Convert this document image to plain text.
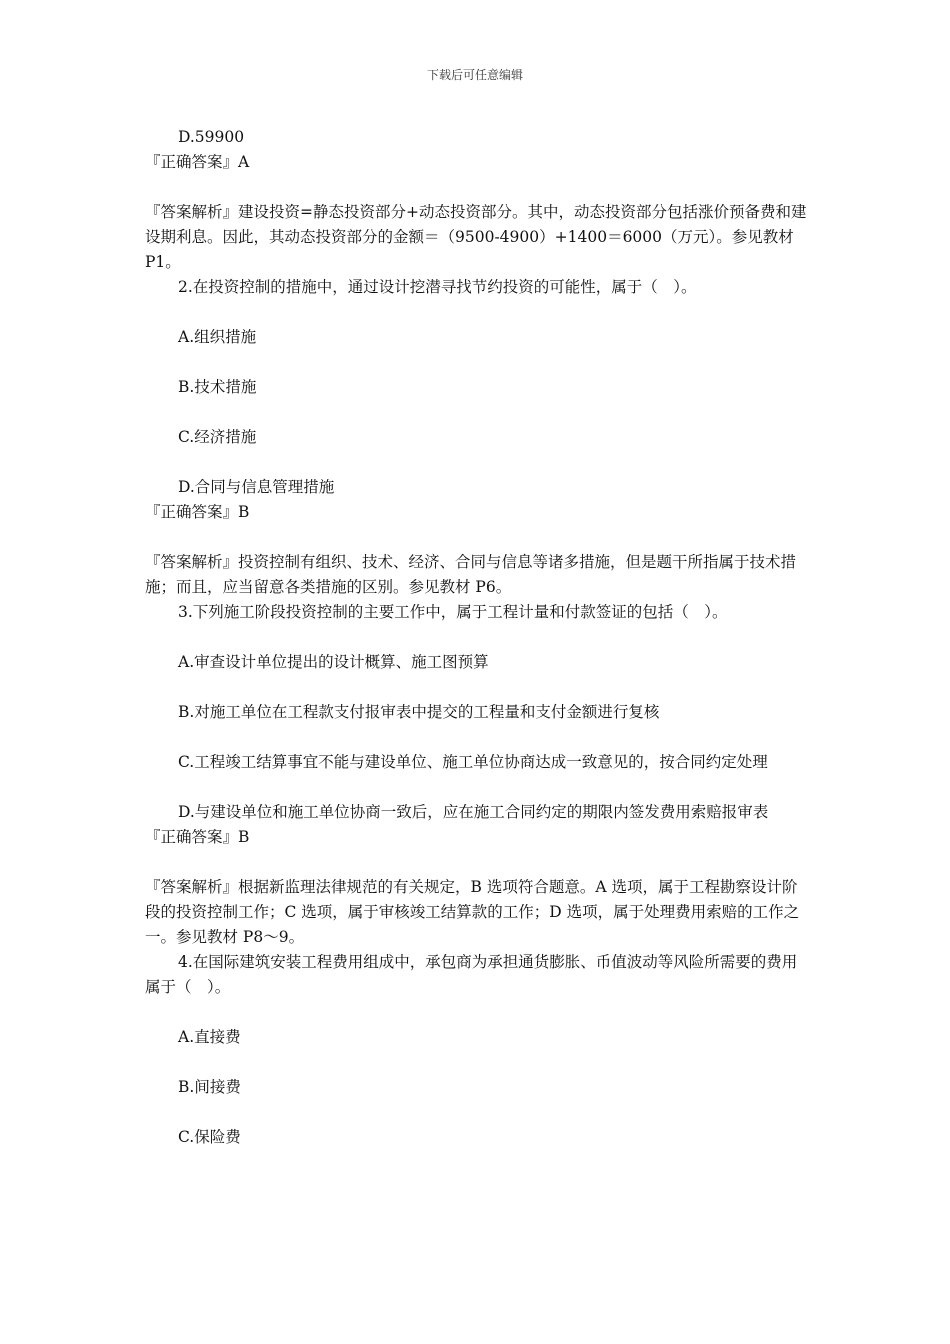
下载后可任意编辑

D.59900

『正确答案』A

『答案解析』建设投资=静态投资部分+动态投资部分。其中，动态投资部分包括涨价预备费和建设期利息。因此，其动态投资部分的金额＝（9500-4900）+1400＝6000（万元）。参见教材 P1。

2.在投资控制的措施中，通过设计挖潜寻找节约投资的可能性，属于（　）。

A.组织措施

B.技术措施

C.经济措施

D.合同与信息管理措施

『正确答案』B

『答案解析』投资控制有组织、技术、经济、合同与信息等诸多措施，但是题干所指属于技术措施；而且，应当留意各类措施的区别。参见教材 P6。

3.下列施工阶段投资控制的主要工作中，属于工程计量和付款签证的包括（　）。

A.审查设计单位提出的设计概算、施工图预算

B.对施工单位在工程款支付报审表中提交的工程量和支付金额进行复核

C.工程竣工结算事宜不能与建设单位、施工单位协商达成一致意见的，按合同约定处理

D.与建设单位和施工单位协商一致后，应在施工合同约定的期限内签发费用索赔报审表

『正确答案』B

『答案解析』根据新监理法律规范的有关规定，B 选项符合题意。A 选项，属于工程勘察设计阶段的投资控制工作；C 选项，属于审核竣工结算款的工作；D 选项，属于处理费用索赔的工作之一。参见教材 P8～9。

4.在国际建筑安装工程费用组成中，承包商为承担通货膨胀、币值波动等风险所需要的费用属于（　）。

A.直接费

B.间接费

C.保险费
